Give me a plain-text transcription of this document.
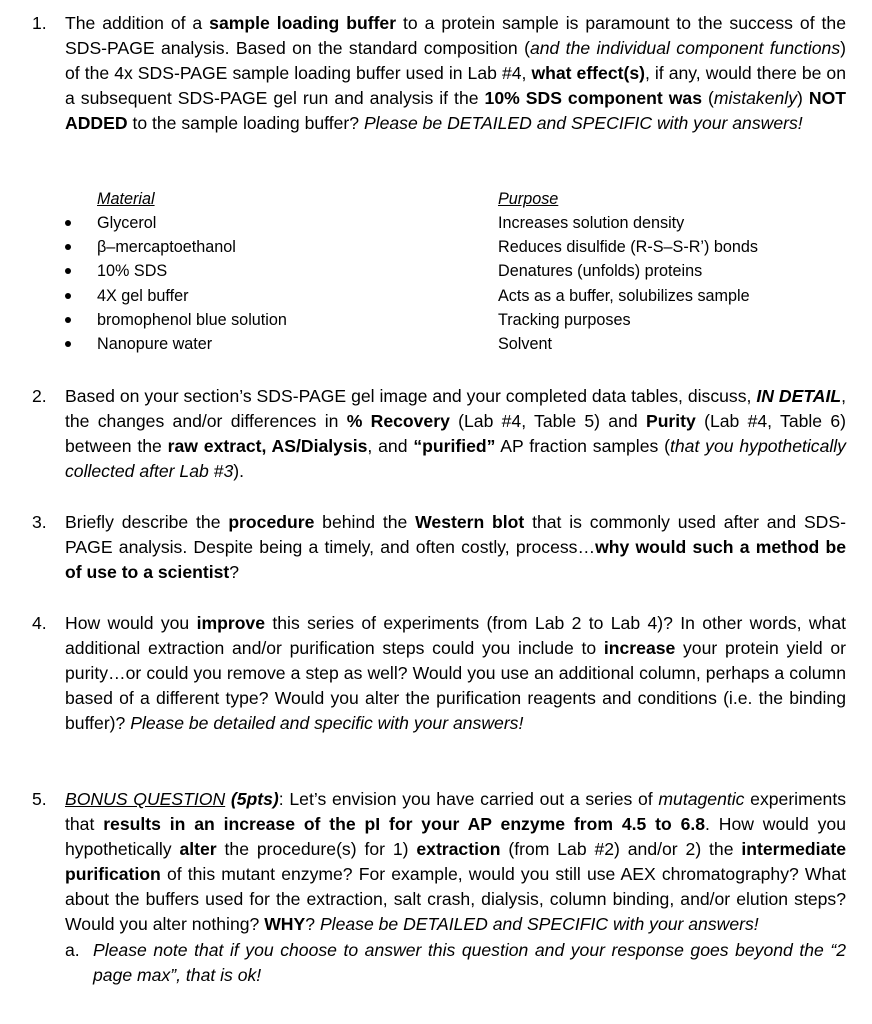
1.	The addition of a sample loading buffer to a protein sample is paramount to the success of the SDS-PAGE analysis. Based on the standard composition (and the individual component functions) of the 4x SDS-PAGE sample loading buffer used in Lab #4, what effect(s), if any, would there be on a subsequent SDS-PAGE gel run and analysis if the 10% SDS component was (mistakenly) NOT ADDED to the sample loading buffer? Please be DETAILED and SPECIFIC with your answers!
Material	Purpose
Glycerol	Increases solution density
β–mercaptoethanol	Reduces disulfide (R-S–S-R’) bonds
10% SDS	Denatures (unfolds) proteins
4X gel buffer	Acts as a buffer, solubilizes sample
bromophenol blue solution	Tracking purposes
Nanopure water	Solvent
2.	Based on your section’s SDS-PAGE gel image and your completed data tables, discuss, IN DETAIL, the changes and/or differences in % Recovery (Lab #4, Table 5) and Purity (Lab #4, Table 6) between the raw extract, AS/Dialysis, and “purified” AP fraction samples (that you hypothetically collected after Lab #3).
3.	Briefly describe the procedure behind the Western blot that is commonly used after and SDS-PAGE analysis. Despite being a timely, and often costly, process…why would such a method be of use to a scientist?
4.	How would you improve this series of experiments (from Lab 2 to Lab 4)? In other words, what additional extraction and/or purification steps could you include to increase your protein yield or purity…or could you remove a step as well? Would you use an additional column, perhaps a column based of a different type? Would you alter the purification reagents and conditions (i.e. the binding buffer)? Please be detailed and specific with your answers!
5.	BONUS QUESTION (5pts): Let’s envision you have carried out a series of mutagentic experiments that results in an increase of the pI for your AP enzyme from 4.5 to 6.8. How would you hypothetically alter the procedure(s) for 1) extraction (from Lab #2) and/or 2) the intermediate purification of this mutant enzyme? For example, would you still use AEX chromatography? What about the buffers used for the extraction, salt crash, dialysis, column binding, and/or elution steps? Would you alter nothing? WHY? Please be DETAILED and SPECIFIC with your answers!
a. Please note that if you choose to answer this question and your response goes beyond the “2 page max”, that is ok!
